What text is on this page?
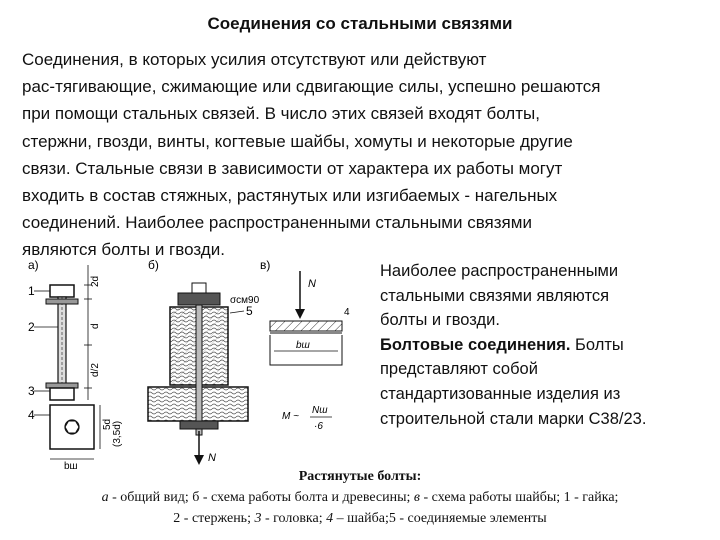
Соединения со стальными связями

Соединения, в которых усилия отсутствуют или действуют

рас-тягивающие, сжимающие или сдвигающие силы, успешно решаются

при помощи стальных связей. В число этих связей входят болты,

стержни, гвозди, винты, когтевые шайбы, хомуты и некоторые другие

связи. Стальные связи в зависимости от характера их работы могут

входить в состав стяжных, растянутых или изгибаемых - нагельных

соединений. Наиболее распространенными стальными связями

являются болты и гвозди.

а)
2d
d
d/2
5d (3,5d)
bш
1
2
3
4
б)
σсм90
5
N
в)
N
bш
4
M ~
Nш
·6
Наиболее распространенными
стальными связями являются
болты и гвозди.
Болтовые соединения. Болты
представляют собой
стандартизованные изделия из
строительной стали марки С38/23.
Растянутые болты:
а - общий вид; б - схема работы болта и древесины; в - схема работы шайбы; 1 - гайка;
2 - стержень; 3 - головка; 4 – шайба;5 - соединяемые элементы
